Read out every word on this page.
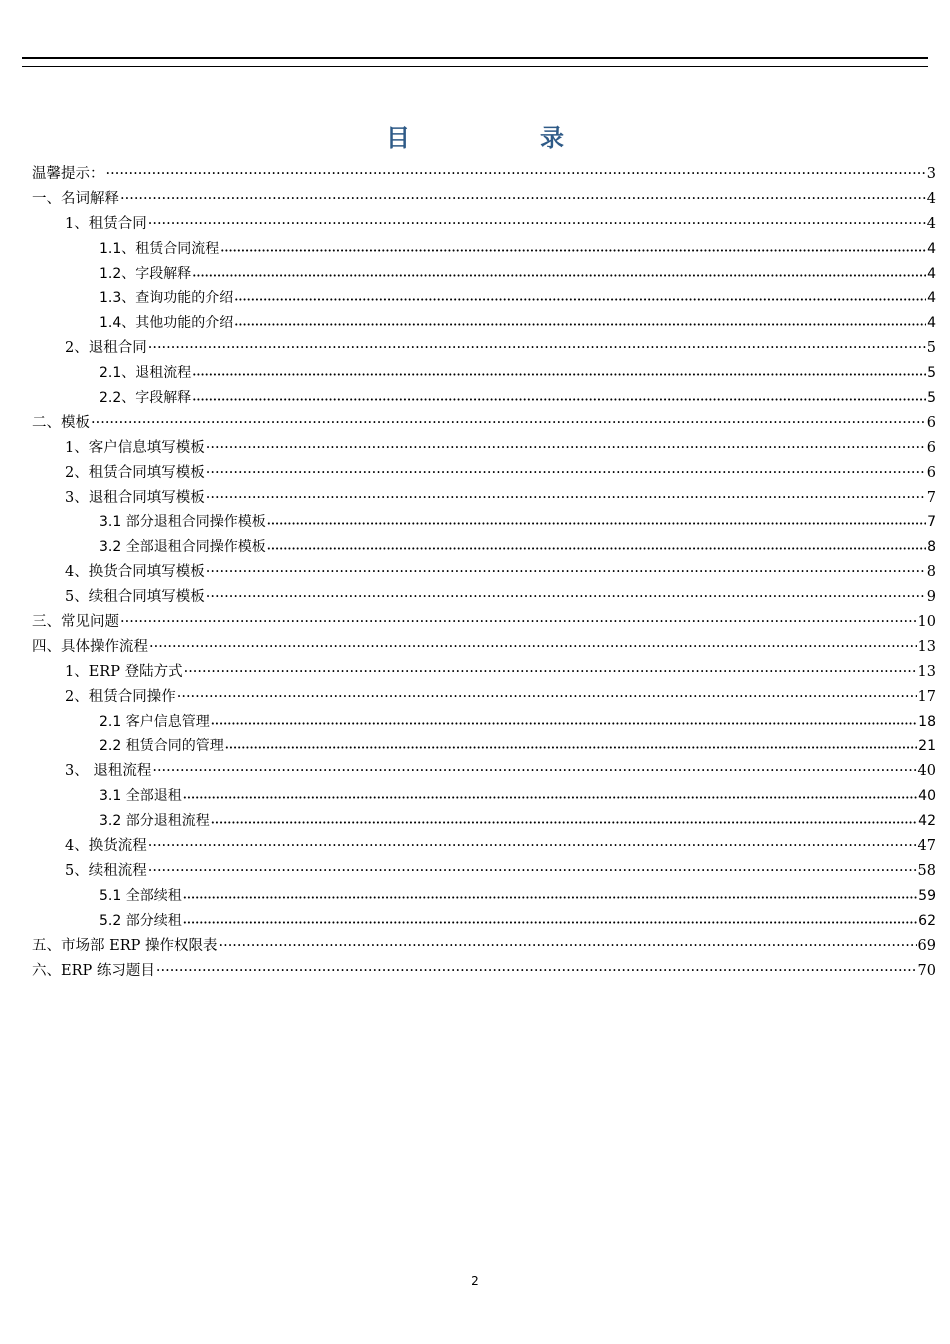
目	录
温馨提示： ·····	3
一、名词解释 ·····	4
1、租赁合同 ·····	4
1.1、租赁合同流程 •••••	4
1.2、字段解释 •••••	4
1.3、查询功能的介绍 •••••	4
1.4、其他功能的介绍 •••••	4
2、退租合同 ·····	5
2.1、退租流程 •••••	5
2.2、字段解释 •••••	5
二、模板 ·····	6
1、客户信息填写模板 ·····	6
2、租赁合同填写模板 ·····	6
3、退租合同填写模板 ·····	7
3.1 部分退租合同操作模板 •••••	7
3.2 全部退租合同操作模板 •••••	8
4、换货合同填写模板 ·····	8
5、续租合同填写模板 ·····	9
三、常见问题 ·····	10
四、具体操作流程 ·····	13
1、ERP 登陆方式 ·····	13
2、租赁合同操作 ·····	17
2.1 客户信息管理 •••••	18
2.2 租赁合同的管理 •••••	21
3、 退租流程 ·····	40
3.1 全部退租 •••••	40
3.2 部分退租流程 •••••	42
4、换货流程 ·····	47
5、续租流程 ·····	58
5.1 全部续租 •••••	59
5.2 部分续租 •••••	62
五、市场部 ERP 操作权限表 ·····	69
六、ERP 练习题目 ·····	70
2
